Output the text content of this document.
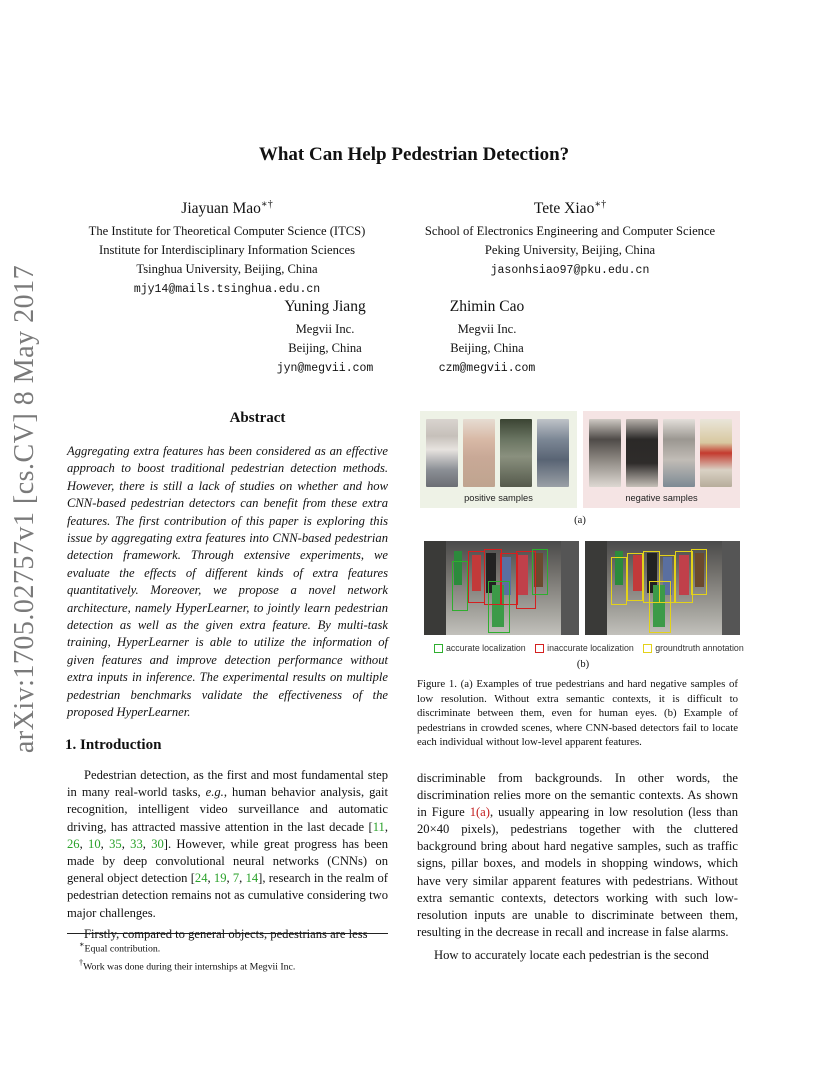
arXiv:1705.02757v1 [cs.CV] 8 May 2017
What Can Help Pedestrian Detection?
Jiayuan Mao∗†
The Institute for Theoretical Computer Science (ITCS)
Institute for Interdisciplinary Information Sciences
Tsinghua University, Beijing, China
mjy14@mails.tsinghua.edu.cn
Tete Xiao∗†
School of Electronics Engineering and Computer Science
Peking University, Beijing, China
jasonhsiao97@pku.edu.cn
Yuning Jiang
Megvii Inc.
Beijing, China
jyn@megvii.com
Zhimin Cao
Megvii Inc.
Beijing, China
czm@megvii.com
Abstract
Aggregating extra features has been considered as an effective approach to boost traditional pedestrian detection methods. However, there is still a lack of studies on whether and how CNN-based pedestrian detectors can benefit from these extra features. The first contribution of this paper is exploring this issue by aggregating extra features into CNN-based pedestrian detection framework. Through extensive experiments, we evaluate the effects of different kinds of extra features quantitatively. Moreover, we propose a novel network architecture, namely HyperLearner, to jointly learn pedestrian detection as well as the given extra feature. By multi-task training, HyperLearner is able to utilize the information of given features and improve detection performance without extra inputs in inference. The experimental results on multiple pedestrian benchmarks validate the effectiveness of the proposed HyperLearner.
1. Introduction

Pedestrian detection, as the first and most fundamental step in many real-world tasks, e.g., human behavior analysis, gait recognition, intelligent video surveillance and automatic driving, has attracted massive attention in the last decade [11, 26, 10, 35, 33, 30]. However, while great progress has been made by deep convolutional neural networks (CNNs) on general object detection [24, 19, 7, 14], research in the realm of pedestrian detection remains not as cumulative considering two major challenges.

Firstly, compared to general objects, pedestrians are less

∗Equal contribution.
†Work was done during their internships at Megvii Inc.
positive samples	negative samples
(a)
accurate localization inaccurate localization groundtruth annotation
(b)
Figure 1. (a) Examples of true pedestrians and hard negative samples of low resolution. Without extra semantic contexts, it is difficult to discriminate between them, even for human eyes. (b) Example of pedestrians in crowded scenes, where CNN-based detectors fail to locate each individual without low-level apparent features.

discriminable from backgrounds. In other words, the discrimination relies more on the semantic contexts. As shown in Figure 1(a), usually appearing in low resolution (less than 20×40 pixels), pedestrians together with the cluttered background bring about hard negative samples, such as traffic signs, pillar boxes, and models in shopping windows, which have very similar apparent features with pedestrians. Without extra semantic contexts, detectors working with such low-resolution inputs are unable to discriminate between them, resulting in the decrease in recall and increase in false alarms.

How to accurately locate each pedestrian is the second
